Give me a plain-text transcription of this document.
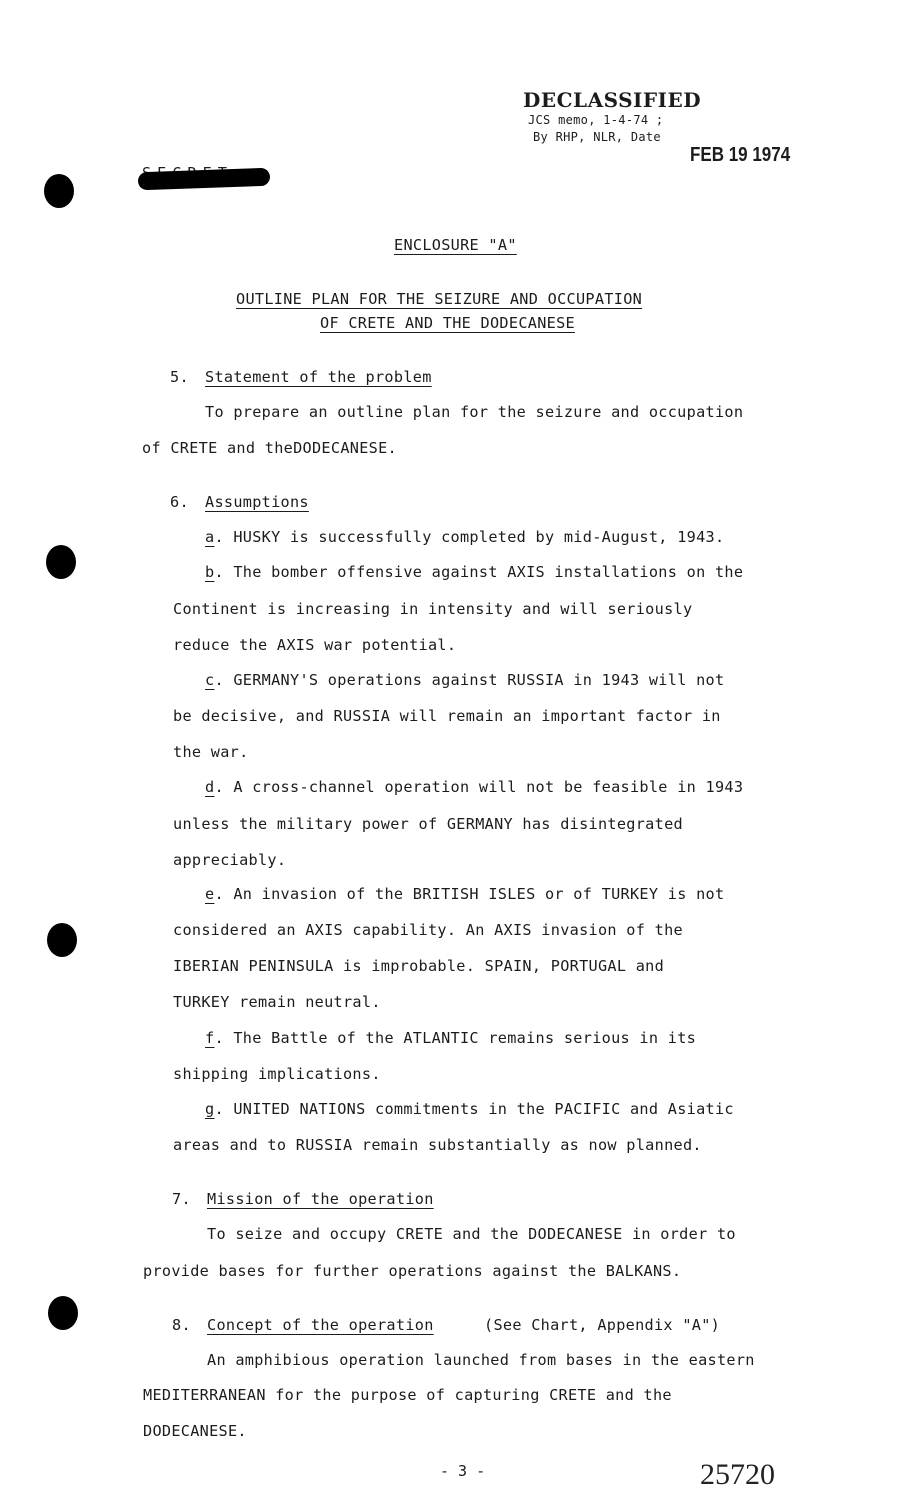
DECLASSIFIED
JCS memo, 1-4-74 ;
By RHP, NLR, Date
FEB 19 1974
ENCLOSURE "A"
OUTLINE PLAN FOR THE SEIZURE AND OCCUPATION
OF CRETE AND THE DODECANESE
5. Statement of the problem
To prepare an outline plan for the seizure and occupation
of CRETE and theDODECANESE.
6. Assumptions
a. HUSKY is successfully completed by mid-August, 1943.
b. The bomber offensive against AXIS installations on the
Continent is increasing in intensity and will seriously
reduce the AXIS war potential.
c. GERMANY'S operations against RUSSIA in 1943 will not
be decisive, and RUSSIA will remain an important factor in
the war.
d. A cross-channel operation will not be feasible in 1943
unless the military power of GERMANY has disintegrated
appreciably.
e. An invasion of the BRITISH ISLES or of TURKEY is not
considered an AXIS capability. An AXIS invasion of the
IBERIAN PENINSULA is improbable. SPAIN, PORTUGAL and
TURKEY remain neutral.
f. The Battle of the ATLANTIC remains serious in its
shipping implications.
g. UNITED NATIONS commitments in the PACIFIC and Asiatic
areas and to RUSSIA remain substantially as now planned.
7. Mission of the operation
To seize and occupy CRETE and the DODECANESE in order to
provide bases for further operations against the BALKANS.
8. Concept of the operation	(See Chart, Appendix "A")
An amphibious operation launched from bases in the eastern
MEDITERRANEAN for the purpose of capturing CRETE and the
DODECANESE.
- 3 -	25720
